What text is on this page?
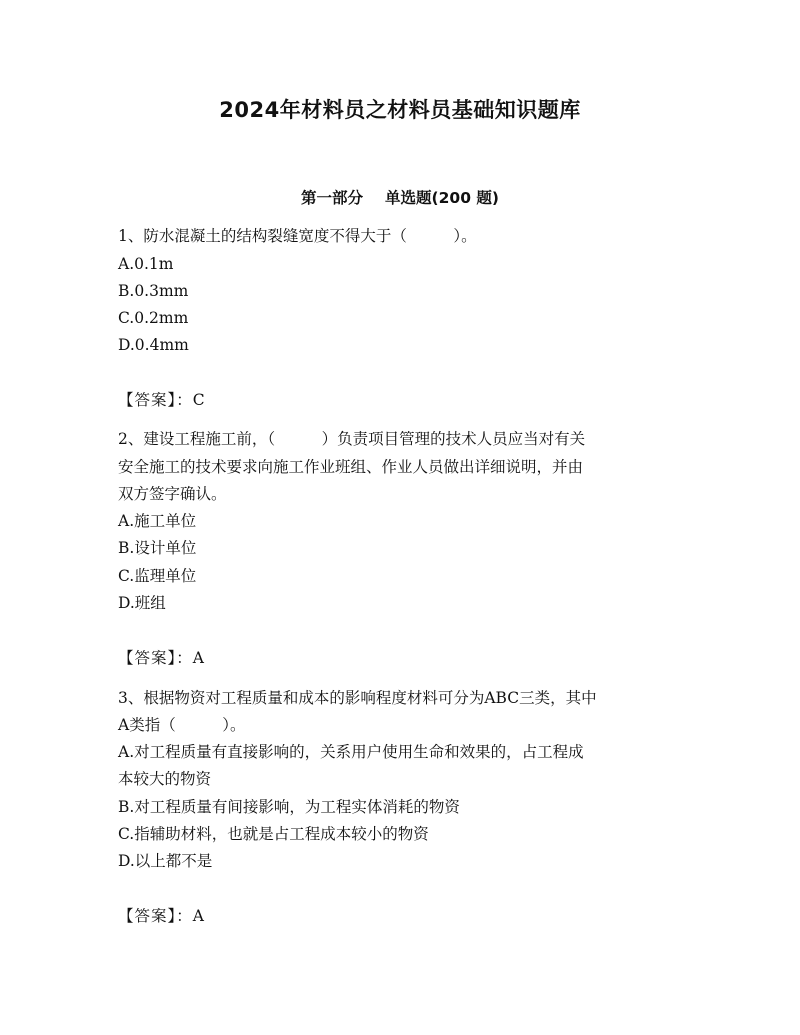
2024年材料员之材料员基础知识题库
第一部分 单选题(200 题)
1、防水混凝土的结构裂缝宽度不得大于（　　　）。
A.0.1m
B.0.3mm
C.0.2mm
D.0.4mm
【答案】：C
2、建设工程施工前，（　　　）负责项目管理的技术人员应当对有关
安全施工的技术要求向施工作业班组、作业人员做出详细说明，并由
双方签字确认。
A.施工单位
B.设计单位
C.监理单位
D.班组
【答案】：A
3、根据物资对工程质量和成本的影响程度材料可分为ABC三类，其中
A类指（　　　）。
A.对工程质量有直接影响的，关系用户使用生命和效果的，占工程成
本较大的物资
B.对工程质量有间接影响，为工程实体消耗的物资
C.指辅助材料，也就是占工程成本较小的物资
D.以上都不是
【答案】：A
